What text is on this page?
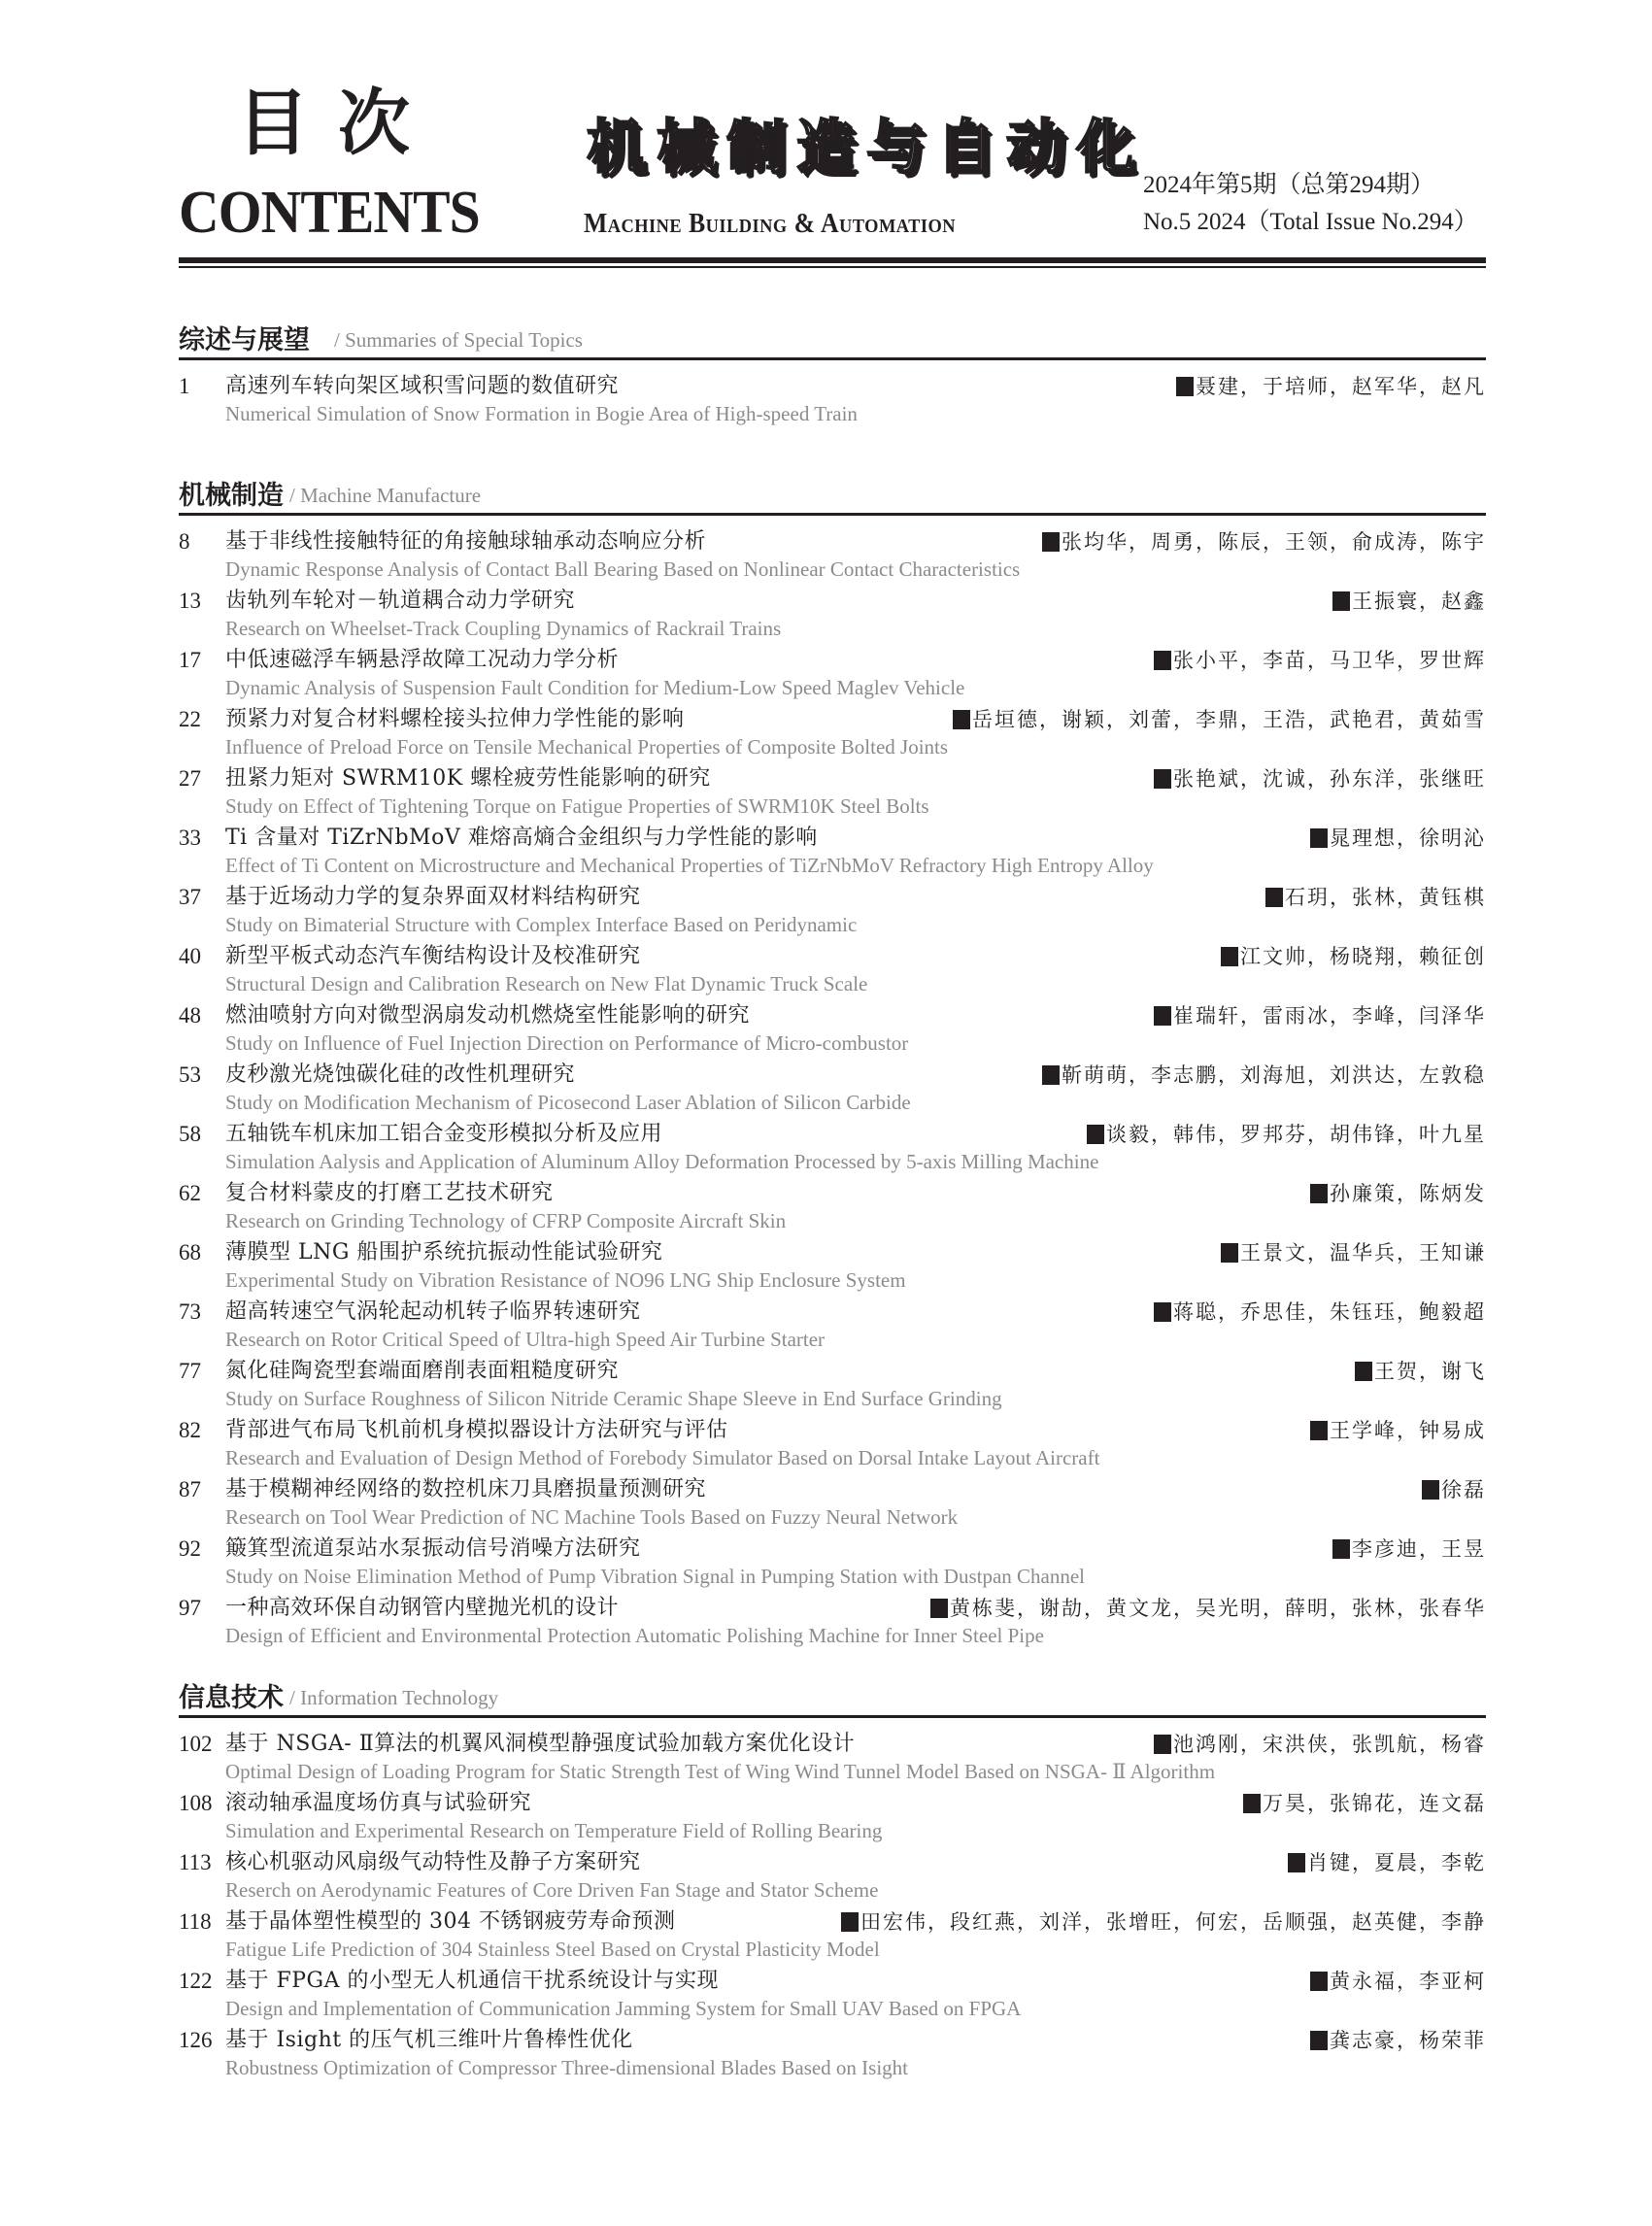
目次
CONTENTS
机械制造与自动化
Machine Building & Automation
2024年第5期（总第294期）
No.5 2024（Total Issue No.294）
综述与展望 / Summaries of Special Topics
1 高速列车转向架区域积雪问题的数值研究	聂建，于培师，赵军华，赵凡
Numerical Simulation of Snow Formation in Bogie Area of High-speed Train
机械制造 / Machine Manufacture
8 基于非线性接触特征的角接触球轴承动态响应分析	张均华，周勇，陈辰，王领，俞成涛，陈宇
Dynamic Response Analysis of Contact Ball Bearing Based on Nonlinear Contact Characteristics
13 齿轨列车轮对－轨道耦合动力学研究	王振寰，赵鑫
Research on Wheelset-Track Coupling Dynamics of Rackrail Trains
17 中低速磁浮车辆悬浮故障工况动力学分析	张小平，李苗，马卫华，罗世辉
Dynamic Analysis of Suspension Fault Condition for Medium-Low Speed Maglev Vehicle
22 预紧力对复合材料螺栓接头拉伸力学性能的影响	岳垣德，谢颖，刘蕾，李鼎，王浩，武艳君，黄茹雪
Influence of Preload Force on Tensile Mechanical Properties of Composite Bolted Joints
27 扭紧力矩对 SWRM10K 螺栓疲劳性能影响的研究	张艳斌，沈诚，孙东洋，张继旺
Study on Effect of Tightening Torque on Fatigue Properties of SWRM10K Steel Bolts
33 Ti 含量对 TiZrNbMoV 难熔高熵合金组织与力学性能的影响	晁理想，徐明沁
Effect of Ti Content on Microstructure and Mechanical Properties of TiZrNbMoV Refractory High Entropy Alloy
37 基于近场动力学的复杂界面双材料结构研究	石玥，张林，黄钰棋
Study on Bimaterial Structure with Complex Interface Based on Peridynamic
40 新型平板式动态汽车衡结构设计及校准研究	江文帅，杨晓翔，赖征创
Structural Design and Calibration Research on New Flat Dynamic Truck Scale
48 燃油喷射方向对微型涡扇发动机燃烧室性能影响的研究	崔瑞轩，雷雨冰，李峰，闫泽华
Study on Influence of Fuel Injection Direction on Performance of Micro-combustor
53 皮秒激光烧蚀碳化硅的改性机理研究	靳萌萌，李志鹏，刘海旭，刘洪达，左敦稳
Study on Modification Mechanism of Picosecond Laser Ablation of Silicon Carbide
58 五轴铣车机床加工铝合金变形模拟分析及应用	谈毅，韩伟，罗邦芬，胡伟锋，叶九星
Simulation Aalysis and Application of Aluminum Alloy Deformation Processed by 5-axis Milling Machine
62 复合材料蒙皮的打磨工艺技术研究	孙廉策，陈炳发
Research on Grinding Technology of CFRP Composite Aircraft Skin
68 薄膜型 LNG 船围护系统抗振动性能试验研究	王景文，温华兵，王知谦
Experimental Study on Vibration Resistance of NO96 LNG Ship Enclosure System
73 超高转速空气涡轮起动机转子临界转速研究	蒋聪，乔思佳，朱钰珏，鲍毅超
Research on Rotor Critical Speed of Ultra-high Speed Air Turbine Starter
77 氮化硅陶瓷型套端面磨削表面粗糙度研究	王贺，谢飞
Study on Surface Roughness of Silicon Nitride Ceramic Shape Sleeve in End Surface Grinding
82 背部进气布局飞机前机身模拟器设计方法研究与评估	王学峰，钟易成
Research and Evaluation of Design Method of Forebody Simulator Based on Dorsal Intake Layout Aircraft
87 基于模糊神经网络的数控机床刀具磨损量预测研究	徐磊
Research on Tool Wear Prediction of NC Machine Tools Based on Fuzzy Neural Network
92 簸箕型流道泵站水泵振动信号消噪方法研究	李彦迪，王昱
Study on Noise Elimination Method of Pump Vibration Signal in Pumping Station with Dustpan Channel
97 一种高效环保自动钢管内壁抛光机的设计	黄栋斐，谢劼，黄文龙，吴光明，薛明，张林，张春华
Design of Efficient and Environmental Protection Automatic Polishing Machine for Inner Steel Pipe
信息技术 / Information Technology
102 基于 NSGA- Ⅱ算法的机翼风洞模型静强度试验加载方案优化设计	池鸿刚，宋洪侠，张凯航，杨睿
Optimal Design of Loading Program for Static Strength Test of Wing Wind Tunnel Model Based on NSGA- Ⅱ Algorithm
108 滚动轴承温度场仿真与试验研究	万昊，张锦花，连文磊
Simulation and Experimental Research on Temperature Field of Rolling Bearing
113 核心机驱动风扇级气动特性及静子方案研究	肖键，夏晨，李乾
Reserch on Aerodynamic Features of Core Driven Fan Stage and Stator Scheme
118 基于晶体塑性模型的 304 不锈钢疲劳寿命预测	田宏伟，段红燕，刘洋，张增旺，何宏，岳顺强，赵英健，李静
Fatigue Life Prediction of 304 Stainless Steel Based on Crystal Plasticity Model
122 基于 FPGA 的小型无人机通信干扰系统设计与实现	黄永福，李亚柯
Design and Implementation of Communication Jamming System for Small UAV Based on FPGA
126 基于 Isight 的压气机三维叶片鲁棒性优化	龚志豪，杨荣菲
Robustness Optimization of Compressor Three-dimensional Blades Based on Isight
